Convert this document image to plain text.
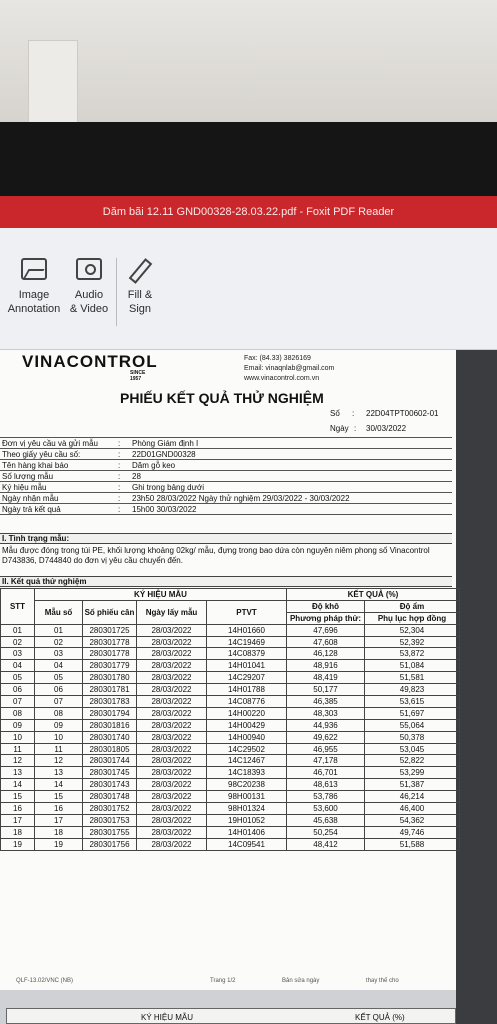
Dăm bãi 12.11 GND00328-28.03.22.pdf - Foxit PDF Reader
Image
Annotation
Audio
& Video
Fill &
Sign
VINACONTROL
SINCE 1957
Fax: (84.33) 3826169
Email: vinaqnlab@gmail.com
www.vinacontrol.com.vn
PHIẾU KẾT QUẢ THỬ NGHIỆM
Số : 22D04TPT00602-01
Ngày : 30/03/2022
Đơn vị yêu cầu và gửi mẫu	:	Phòng Giám định I
Theo giấy yêu cầu số:	:	22D01GND00328
Tên hàng khai báo	:	Dăm gỗ keo
Số lượng mẫu	:	28
Ký hiệu mẫu	:	Ghi trong bảng dưới
Ngày nhận mẫu	:	23h50 28/03/2022 Ngày thử nghiệm 29/03/2022 - 30/03/2022
Ngày trả kết quả	:	15h00 30/03/2022
I. Tình trạng mẫu:
Mẫu được đóng trong túi PE, khối lượng khoảng 02kg/ mẫu, đựng trong bao dứa còn nguyên niêm phong số Vinacontrol D743836, D744840 do đơn vị yêu cầu chuyển đến.
II. Kết quả thử nghiệm
STT	KÝ HIỆU MẪU				KẾT QUẢ (%)	
	Mẫu số	Số phiếu cân	Ngày lấy mẫu	PTVT	Độ khô	Độ ẩm
					Phương pháp thử:	Phụ lục hợp đồng
01	01	280301725	28/03/2022	14H01660	47,696	52,304
02	02	280301778	28/03/2022	14C19469	47,608	52,392
03	03	280301778	28/03/2022	14C08379	46,128	53,872
04	04	280301779	28/03/2022	14H01041	48,916	51,084
05	05	280301780	28/03/2022	14C29207	48,419	51,581
06	06	280301781	28/03/2022	14H01788	50,177	49,823
07	07	280301783	28/03/2022	14C08776	46,385	53,615
08	08	280301794	28/03/2022	14H00220	48,303	51,697
09	09	280301816	28/03/2022	14H00429	44,936	55,064
10	10	280301740	28/03/2022	14H00940	49,622	50,378
11	11	280301805	28/03/2022	14C29502	46,955	53,045
12	12	280301744	28/03/2022	14C12467	47,178	52,822
13	13	280301745	28/03/2022	14C18393	46,701	53,299
14	14	280301743	28/03/2022	98C20238	48,613	51,387
15	15	280301748	28/03/2022	98H00131	53,786	46,214
16	16	280301752	28/03/2022	98H01324	53,600	46,400
17	17	280301753	28/03/2022	19H01052	45,638	54,362
18	18	280301755	28/03/2022	14H01406	50,254	49,746
19	19	280301756	28/03/2022	14C09541	48,412	51,588
QLF-13.02/VNC (NB)	Trang 1/2	Bản sửa ngày	thay thế cho
KÝ HIỆU MẪU	KẾT QUẢ (%)
